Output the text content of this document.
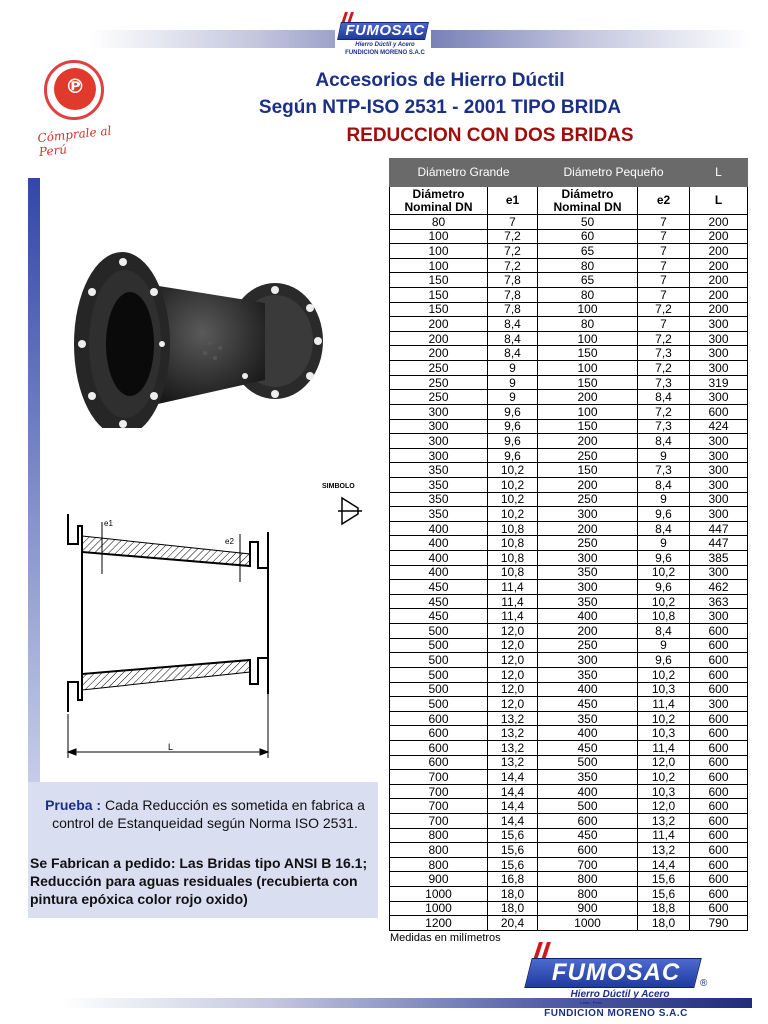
FUMOSAC
Hierro Dúctil y Acero
FUNDICION MORENO S.A.C
℗
Cómprale al Perú
Accesorios de Hierro Dúctil
Según NTP-ISO 2531 - 2001 TIPO BRIDA
REDUCCION CON DOS BRIDAS
e1
e2
L
SIMBOLO
Prueba : Cada Reducción es sometida en fabrica a control de Estanqueidad según Norma ISO 2531.
Se Fabrican a pedido: Las Bridas tipo ANSI B 16.1; Reducción para aguas residuales (recubierta con pintura epóxica color rojo oxido)
Diámetro Grande		Diámetro Pequeño		L
Diámetro Nominal DN	e1	Diámetro Nominal DN	e2	L
80	7	50	7	200
100	7,2	60	7	200
100	7,2	65	7	200
100	7,2	80	7	200
150	7,8	65	7	200
150	7,8	80	7	200
150	7,8	100	7,2	200
200	8,4	80	7	300
200	8,4	100	7,2	300
200	8,4	150	7,3	300
250	9	100	7,2	300
250	9	150	7,3	319
250	9	200	8,4	300
300	9,6	100	7,2	600
300	9,6	150	7,3	424
300	9,6	200	8,4	300
300	9,6	250	9	300
350	10,2	150	7,3	300
350	10,2	200	8,4	300
350	10,2	250	9	300
350	10,2	300	9,6	300
400	10,8	200	8,4	447
400	10,8	250	9	447
400	10,8	300	9,6	385
400	10,8	350	10,2	300
450	11,4	300	9,6	462
450	11,4	350	10,2	363
450	11,4	400	10,8	300
500	12,0	200	8,4	600
500	12,0	250	9	600
500	12,0	300	9,6	600
500	12,0	350	10,2	600
500	12,0	400	10,3	600
500	12,0	450	11,4	300
600	13,2	350	10,2	600
600	13,2	400	10,3	600
600	13,2	450	11,4	600
600	13,2	500	12,0	600
700	14,4	350	10,2	600
700	14,4	400	10,3	600
700	14,4	500	12,0	600
700	14,4	600	13,2	600
800	15,6	450	11,4	600
800	15,6	600	13,2	600
800	15,6	700	14,4	600
900	16,8	800	15,6	600
1000	18,0	800	15,6	600
1000	18,0	900	18,8	600
1200	20,4	1000	18,0	790
Medidas en milímetros
FUMOSAC	®
Hierro Dúctil y Acero
Lima - Perú
FUNDICION MORENO S.A.C
